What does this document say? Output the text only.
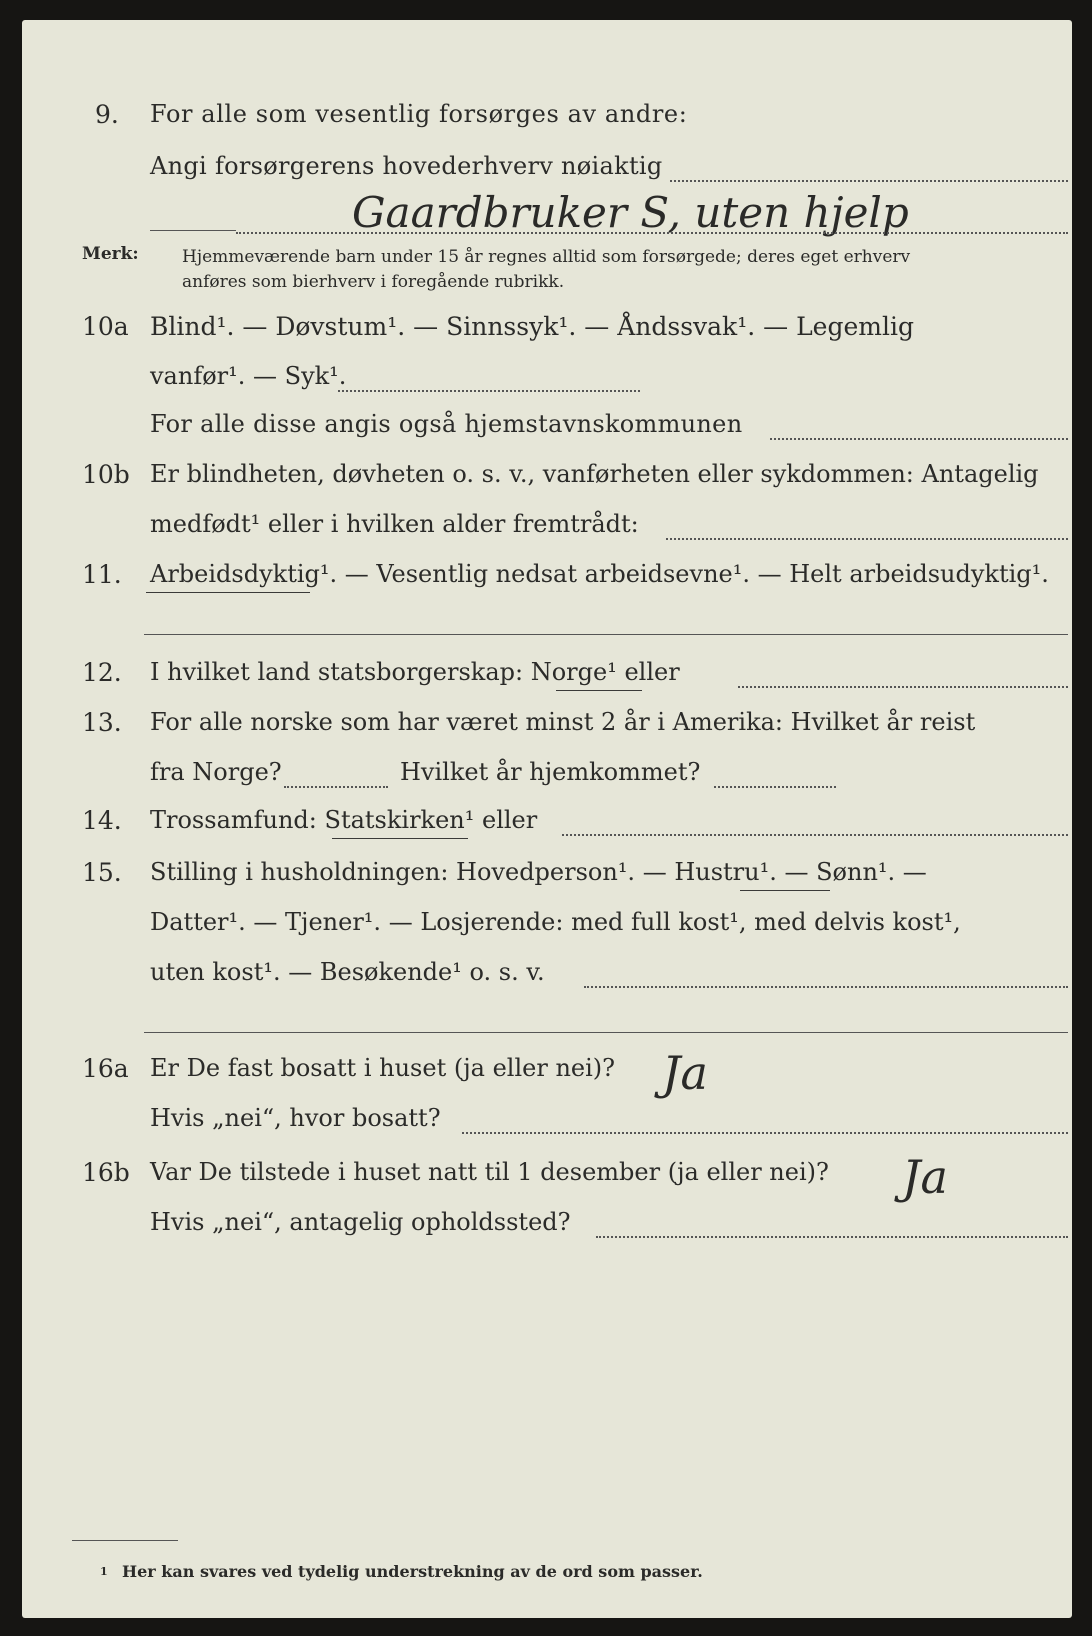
9. For alle som vesentlig forsørges av andre:
Angi forsørgerens hovederhverv nøiaktig
Gaardbruker S, uten hjelp
Merk:	Hjemmeværende barn under 15 år regnes alltid som forsørgede; deres eget erhverv
anføres som bierhverv i foregående rubrikk.
10a Blind¹. — Døvstum¹. — Sinnssyk¹. — Åndssvak¹. — Legemlig
vanfør¹. — Syk¹.
For alle disse angis også hjemstavnskommunen
10b Er blindheten, døvheten o. s. v., vanførheten eller sykdommen: Antagelig
medfødt¹ eller i hvilken alder fremtrådt:
11. Arbeidsdyktig¹. — Vesentlig nedsat arbeidsevne¹. — Helt arbeidsudyktig¹.
12. I hvilket land statsborgerskap: Norge¹ eller
13. For alle norske som har været minst 2 år i Amerika: Hvilket år reist
fra Norge?	Hvilket år hjemkommet?
14. Trossamfund: Statskirken¹ eller
15. Stilling i husholdningen: Hovedperson¹. — Hustru¹. — Sønn¹. —
Datter¹. — Tjener¹. — Losjerende: med full kost¹, med delvis kost¹,
uten kost¹. — Besøkende¹ o. s. v.
16a Er De fast bosatt i huset (ja eller nei)? Ja
Hvis „nei“, hvor bosatt?
16b Var De tilstede i huset natt til 1 desember (ja eller nei)? Ja
Hvis „nei“, antagelig opholdssted?
1 Her kan svares ved tydelig understrekning av de ord som passer.
